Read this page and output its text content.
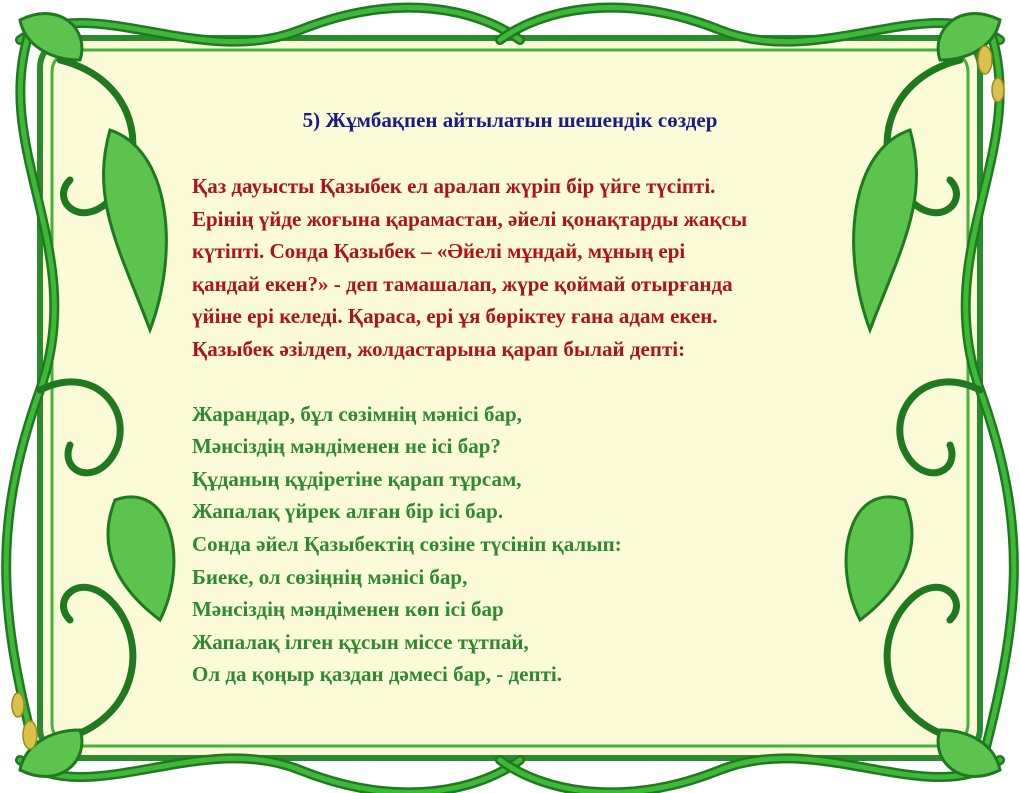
5) Жұмбақпен айтылатын шешендік сөздер
Қаз дауысты Қазыбек ел аралап жүріп бір үйге түсіпті.
Ерінің үйде жоғына қарамастан, әйелі қонақтарды жақсы
күтіпті. Сонда Қазыбек – «Әйелі мұндай, мұның ері
қандай екен?» - деп тамашалап, жүре қоймай отырғанда
үйіне ері келеді. Қараса, ері ұя бөріктеу ғана адам екен.
Қазыбек әзілдеп, жолдастарына қарап былай депті:
Жарандар, бұл сөзімнің мәнісі бар,
Мәнсіздің мәндіменен не ісі бар?
Құданың құдіретіне қарап тұрсам,
Жапалақ үйрек алған бір ісі бар.
Сонда әйел Қазыбектің сөзіне түсініп қалып:
Биеке, ол сөзіңнің мәнісі бар,
Мәнсіздің мәндіменен көп ісі бар
Жапалақ ілген құсын міссе тұтпай,
Ол да қоңыр қаздан дәмесі бар, - депті.
